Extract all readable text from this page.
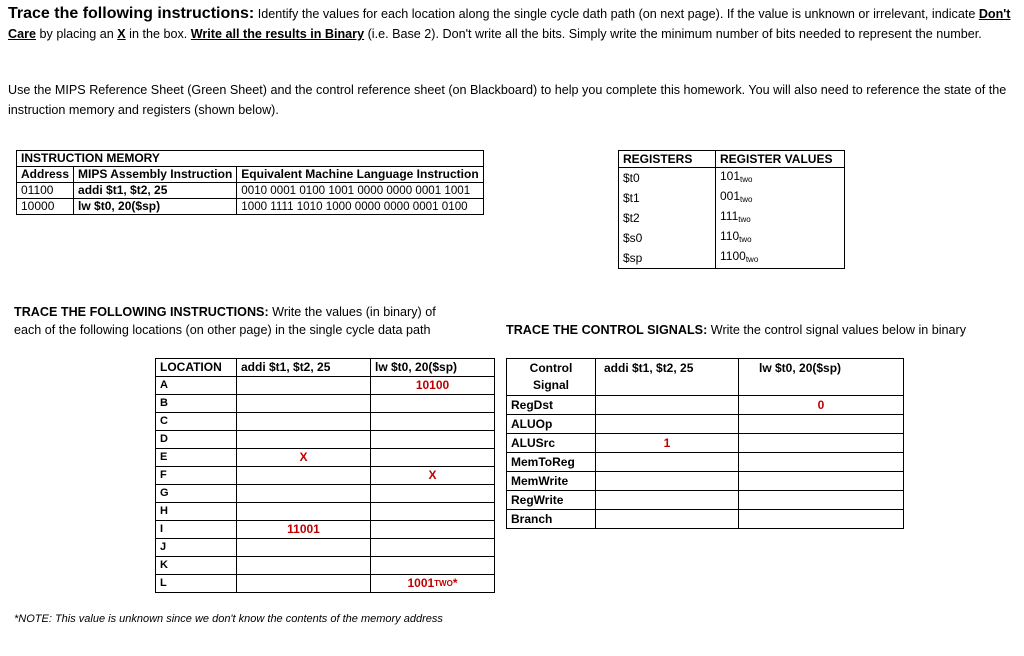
Trace the following instructions: Identify the values for each location along the single cycle dath path (on next page). If the value is unknown or irrelevant, indicate Don't Care by placing an X in the box. Write all the results in Binary (i.e. Base 2). Don't write all the bits. Simply write the minimum number of bits needed to represent the number.
Use the MIPS Reference Sheet (Green Sheet) and the control reference sheet (on Blackboard) to help you complete this homework. You will also need to reference the state of the instruction memory and registers (shown below).
INSTRUCTION MEMORY		
Address	MIPS Assembly Instruction	Equivalent Machine Language Instruction
01100	addi $t1, $t2, 25	0010 0001 0100 1001 0000 0000 0001 1001
10000	lw $t0, 20($sp)	1000 1111 1010 1000 0000 0000 0001 0100
REGISTERS	REGISTER VALUES
$t0	$101_{two}$
$t1	$001_{two}$
$t2	$111_{two}$
$s0	$110_{two}$
$sp	$1100_{two}$
TRACE THE FOLLOWING INSTRUCTIONS: Write the values (in binary) of
each of the following locations (on other page) in the single cycle data path	TRACE THE CONTROL SIGNALS: Write the control signal values below in binary
LOCATION	addi $t1, $t2, 25	lw $t0, 20($sp)
A		10100
B		
C		
D		
E	X	
F		X
G		
H		
I	11001	
J		
K		
L		1001TWO*
*NOTE: This value is unknown since we don't know the contents of the memory address
Control Signal	addi $t1, $t2, 25	lw $t0, 20($sp)
RegDst		0
ALUOp		
ALUSrc	1	
MemToReg		
MemWrite		
RegWrite		
Branch		
